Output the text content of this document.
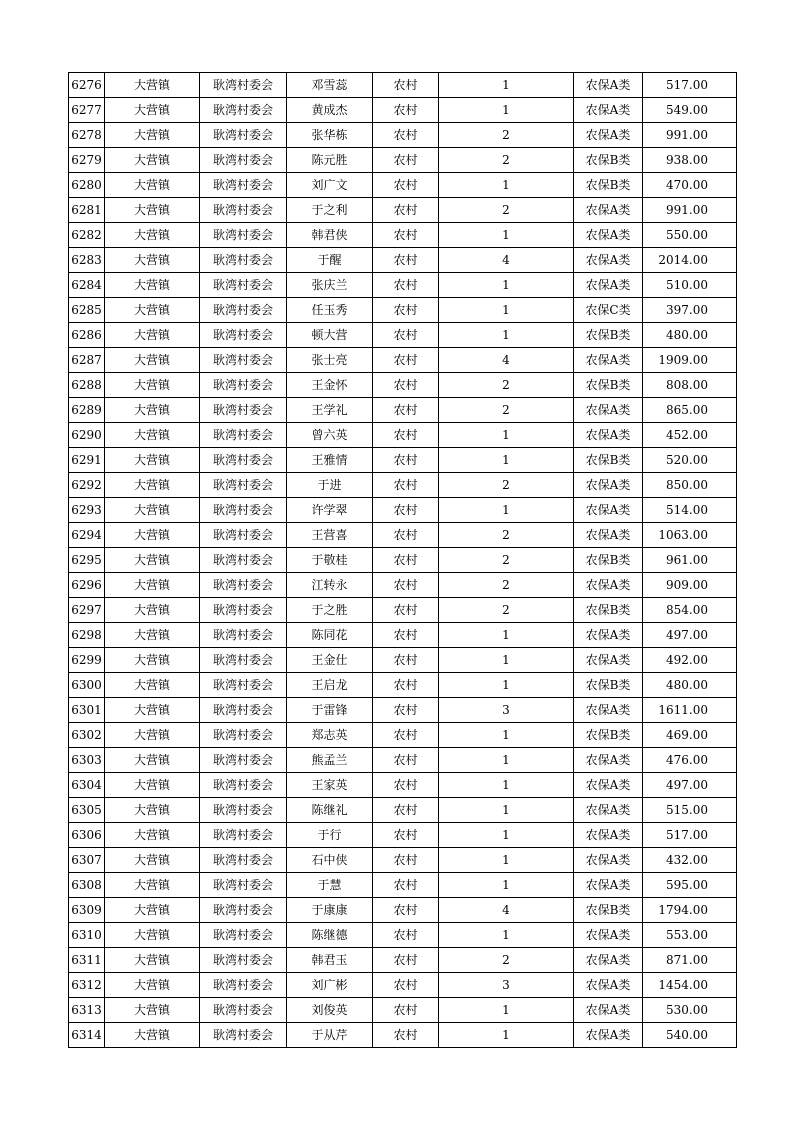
6276	大营镇	耿湾村委会	邓雪蕊	农村	1	农保A类	517.00
6277	大营镇	耿湾村委会	黄成杰	农村	1	农保A类	549.00
6278	大营镇	耿湾村委会	张华栋	农村	2	农保A类	991.00
6279	大营镇	耿湾村委会	陈元胜	农村	2	农保B类	938.00
6280	大营镇	耿湾村委会	刘广文	农村	1	农保B类	470.00
6281	大营镇	耿湾村委会	于之利	农村	2	农保A类	991.00
6282	大营镇	耿湾村委会	韩君侠	农村	1	农保A类	550.00
6283	大营镇	耿湾村委会	于醒	农村	4	农保A类	2014.00
6284	大营镇	耿湾村委会	张庆兰	农村	1	农保A类	510.00
6285	大营镇	耿湾村委会	任玉秀	农村	1	农保C类	397.00
6286	大营镇	耿湾村委会	顿大营	农村	1	农保B类	480.00
6287	大营镇	耿湾村委会	张士亮	农村	4	农保A类	1909.00
6288	大营镇	耿湾村委会	王金怀	农村	2	农保B类	808.00
6289	大营镇	耿湾村委会	王学礼	农村	2	农保A类	865.00
6290	大营镇	耿湾村委会	曾六英	农村	1	农保A类	452.00
6291	大营镇	耿湾村委会	王雅情	农村	1	农保B类	520.00
6292	大营镇	耿湾村委会	于进	农村	2	农保A类	850.00
6293	大营镇	耿湾村委会	许学翠	农村	1	农保A类	514.00
6294	大营镇	耿湾村委会	王营喜	农村	2	农保A类	1063.00
6295	大营镇	耿湾村委会	于敬桂	农村	2	农保B类	961.00
6296	大营镇	耿湾村委会	江转永	农村	2	农保A类	909.00
6297	大营镇	耿湾村委会	于之胜	农村	2	农保B类	854.00
6298	大营镇	耿湾村委会	陈同花	农村	1	农保A类	497.00
6299	大营镇	耿湾村委会	王金仕	农村	1	农保A类	492.00
6300	大营镇	耿湾村委会	王启龙	农村	1	农保B类	480.00
6301	大营镇	耿湾村委会	于雷锋	农村	3	农保A类	1611.00
6302	大营镇	耿湾村委会	郑志英	农村	1	农保B类	469.00
6303	大营镇	耿湾村委会	熊孟兰	农村	1	农保A类	476.00
6304	大营镇	耿湾村委会	王家英	农村	1	农保A类	497.00
6305	大营镇	耿湾村委会	陈继礼	农村	1	农保A类	515.00
6306	大营镇	耿湾村委会	于行	农村	1	农保A类	517.00
6307	大营镇	耿湾村委会	石中侠	农村	1	农保A类	432.00
6308	大营镇	耿湾村委会	于慧	农村	1	农保A类	595.00
6309	大营镇	耿湾村委会	于康康	农村	4	农保B类	1794.00
6310	大营镇	耿湾村委会	陈继德	农村	1	农保A类	553.00
6311	大营镇	耿湾村委会	韩君玉	农村	2	农保A类	871.00
6312	大营镇	耿湾村委会	刘广彬	农村	3	农保A类	1454.00
6313	大营镇	耿湾村委会	刘俊英	农村	1	农保A类	530.00
6314	大营镇	耿湾村委会	于从芹	农村	1	农保A类	540.00
